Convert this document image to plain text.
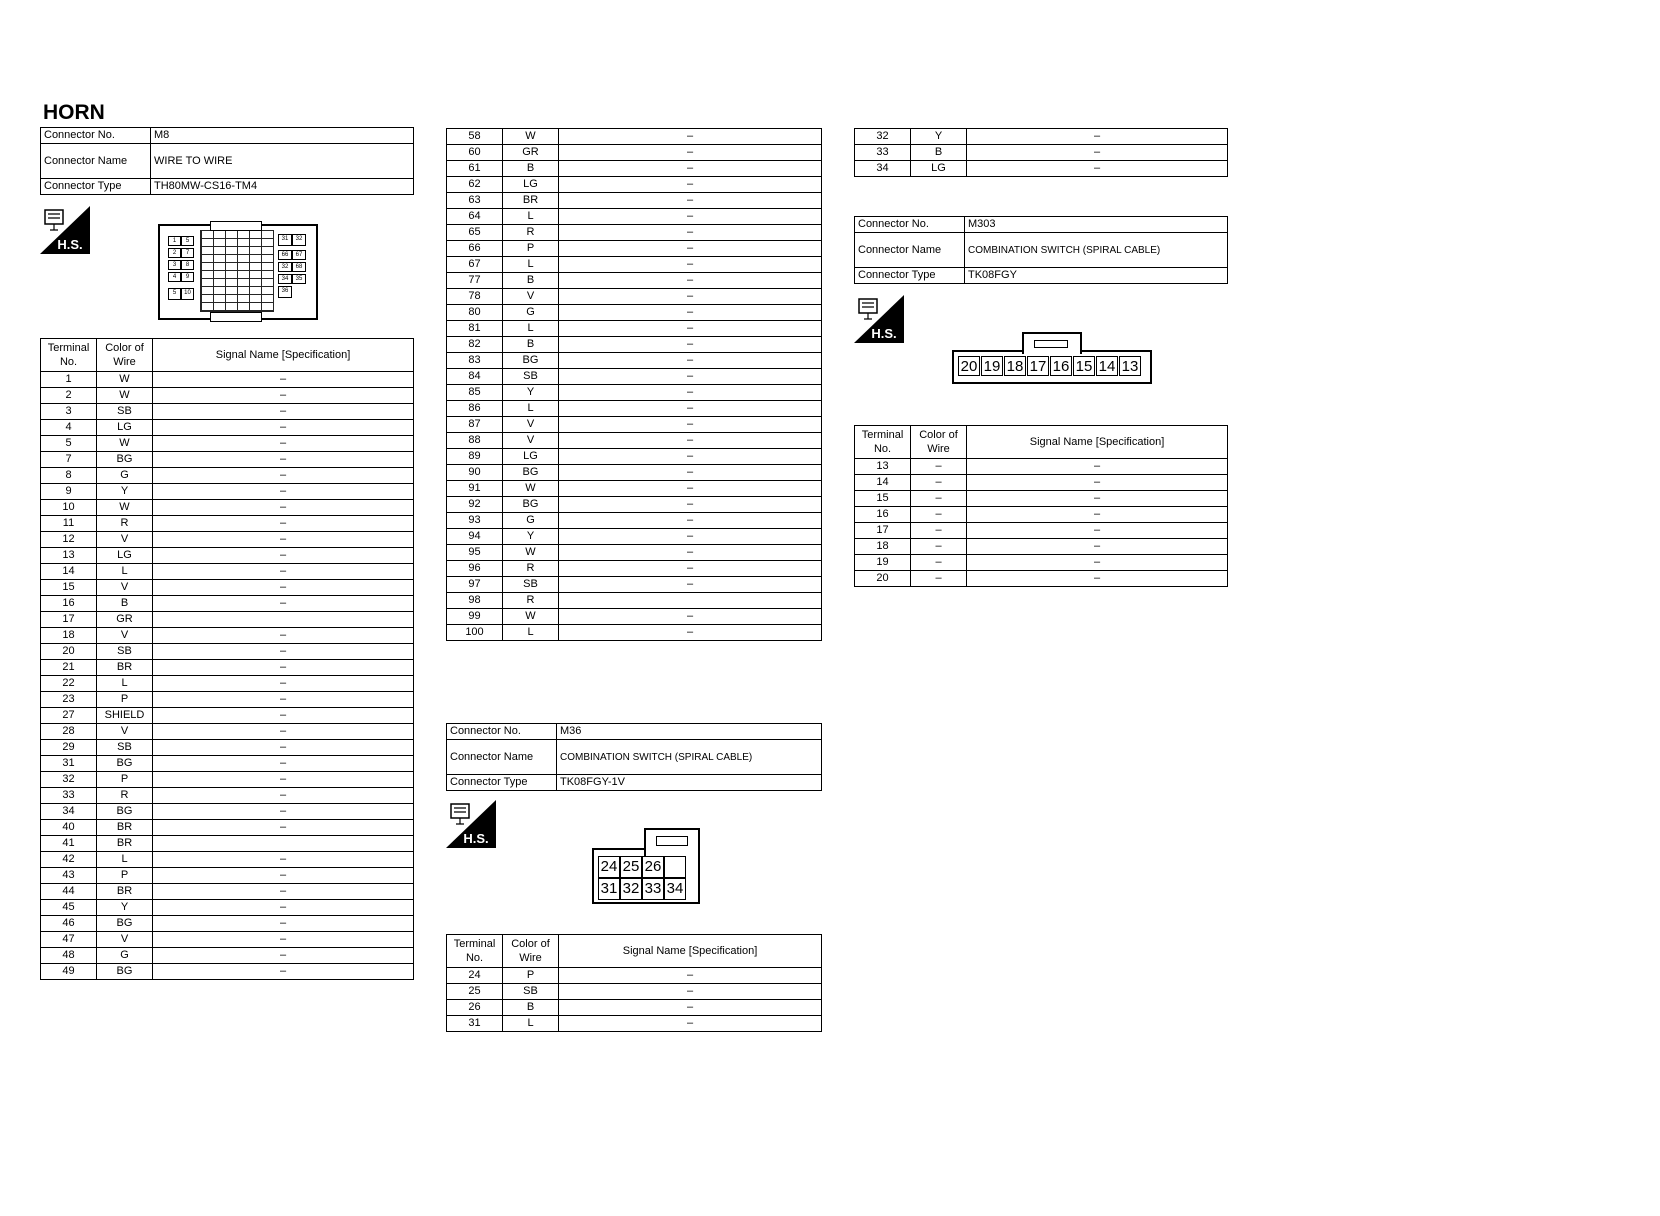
HORN
Connector No.	M8
Connector Name	WIRE TO WIRE
Connector Type	TH80MW-CS16-TM4
H.S.	1	5
2	7
3	8
4	9
5	10
31	32
66	67
32	68
34	35
36
Terminal No.	Color of Wire	Signal Name [Specification]
1	W	–
2	W	–
3	SB	–
4	LG	–
5	W	–
7	BG	–
8	G	–
9	Y	–
10	W	–
11	R	–
12	V	–
13	LG	–
14	L	–
15	V	–
16	B	–
17	GR	
18	V	–
20	SB	–
21	BR	–
22	L	–
23	P	–
27	SHIELD	–
28	V	–
29	SB	–
31	BG	–
32	P	–
33	R	–
34	BG	–
40	BR	–
41	BR	
42	L	–
43	P	–
44	BR	–
45	Y	–
46	BG	–
47	V	–
48	G	–
49	BG	–
58	W	–
60	GR	–
61	B	–
62	LG	–
63	BR	–
64	L	–
65	R	–
66	P	–
67	L	–
77	B	–
78	V	–
80	G	–
81	L	–
82	B	–
83	BG	–
84	SB	–
85	Y	–
86	L	–
87	V	–
88	V	–
89	LG	–
90	BG	–
91	W	–
92	BG	–
93	G	–
94	Y	–
95	W	–
96	R	–
97	SB	–
98	R	
99	W	–
100	L	–
Connector No.	M36
Connector Name	COMBINATION SWITCH (SPIRAL CABLE)
Connector Type	TK08FGY-1V
H.S.
24 25 26
31 32 33 34
Terminal No.	Color of Wire	Signal Name [Specification]
24	P	–
25	SB	–
26	B	–
31	L	–
32	Y	–
33	B	–
34	LG	–
Connector No.	M303
Connector Name	COMBINATION SWITCH (SPIRAL CABLE)
Connector Type	TK08FGY
H.S.
20 19 18 17 16 15 14 13
Terminal No.	Color of Wire	Signal Name [Specification]
13	–	–
14	–	–
15	–	–
16	–	–
17	–	–
18	–	–
19	–	–
20	–	–
